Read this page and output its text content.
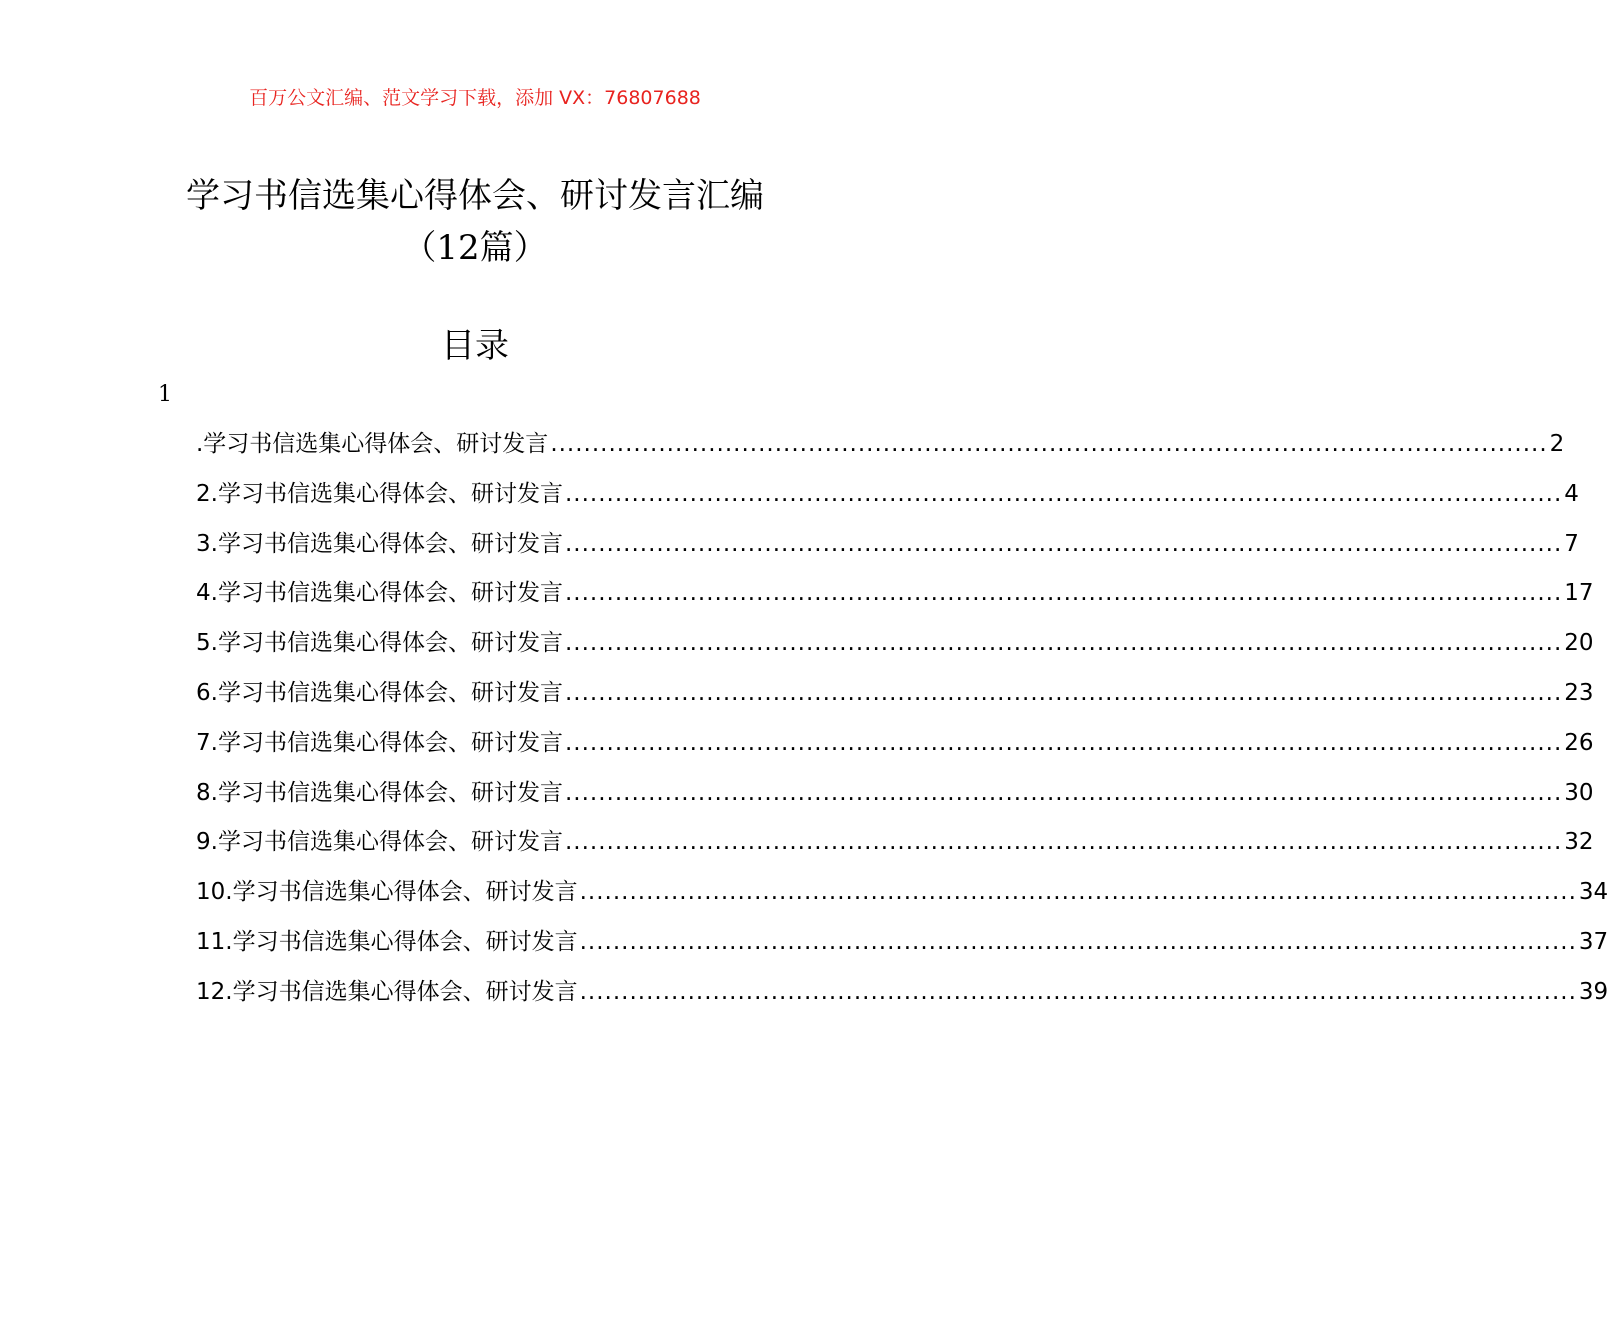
百万公文汇编、范文学习下载，添加 VX：76807688
学习书信选集心得体会、研讨发言汇编
（12篇）
目录
1
.学习书信选集心得体会、研讨发言 ........................................................................................................................ 2
2.学习书信选集心得体会、研讨发言 ........................................................................................................................ 4
3.学习书信选集心得体会、研讨发言 ........................................................................................................................ 7
4.学习书信选集心得体会、研讨发言 ........................................................................................................................ 17
5.学习书信选集心得体会、研讨发言 ........................................................................................................................ 20
6.学习书信选集心得体会、研讨发言 ........................................................................................................................ 23
7.学习书信选集心得体会、研讨发言 ........................................................................................................................ 26
8.学习书信选集心得体会、研讨发言 ........................................................................................................................ 30
9.学习书信选集心得体会、研讨发言 ........................................................................................................................ 32
10.学习书信选集心得体会、研讨发言 ........................................................................................................................ 34
11.学习书信选集心得体会、研讨发言 ........................................................................................................................ 37
12.学习书信选集心得体会、研讨发言 ........................................................................................................................ 39
